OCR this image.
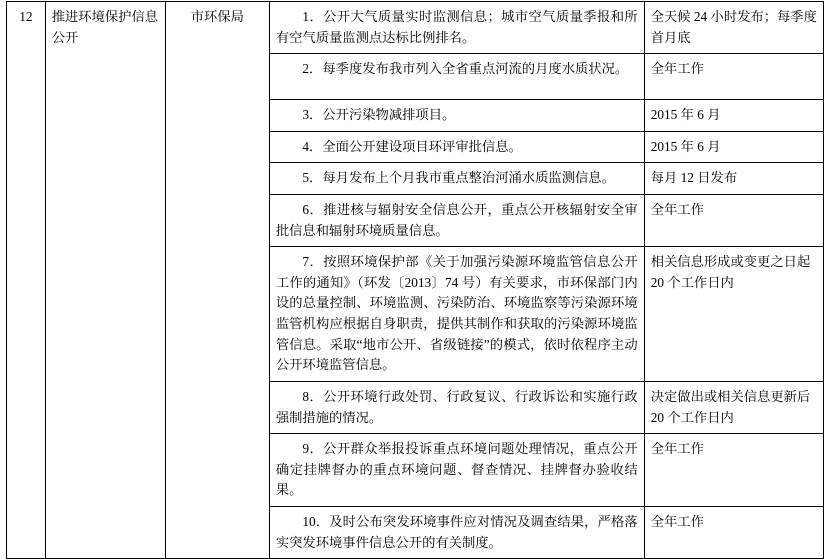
12	推进环境保护信息公开	市环保局	1．公开大气质量实时监测信息；城市空气质量季报和所有空气质量监测点达标比例排名。	全天候 24 小时发布；每季度首月底
			2．每季度发布我市列入全省重点河流的月度水质状况。	全年工作
			3．公开污染物减排项目。	2015 年 6 月
			4．全面公开建设项目环评审批信息。	2015 年 6 月
			5．每月发布上个月我市重点整治河涌水质监测信息。	每月 12 日发布
			6．推进核与辐射安全信息公开，重点公开核辐射安全审批信息和辐射环境质量信息。	全年工作
			7．按照环境保护部《关于加强污染源环境监管信息公开工作的通知》（环发〔2013〕74 号）有关要求，市环保部门内设的总量控制、环境监测、污染防治、环境监察等污染源环境监管机构应根据自身职责，提供其制作和获取的污染源环境监管信息。采取“地市公开、省级链接”的模式，依时依程序主动公开环境监管信息。	相关信息形成或变更之日起 20 个工作日内
			8．公开环境行政处罚、行政复议、行政诉讼和实施行政强制措施的情况。	决定做出或相关信息更新后 20 个工作日内
			9．公开群众举报投诉重点环境问题处理情况，重点公开确定挂牌督办的重点环境问题、督查情况、挂牌督办验收结果。	全年工作
			10．及时公布突发环境事件应对情况及调查结果，严格落实突发环境事件信息公开的有关制度。	全年工作
